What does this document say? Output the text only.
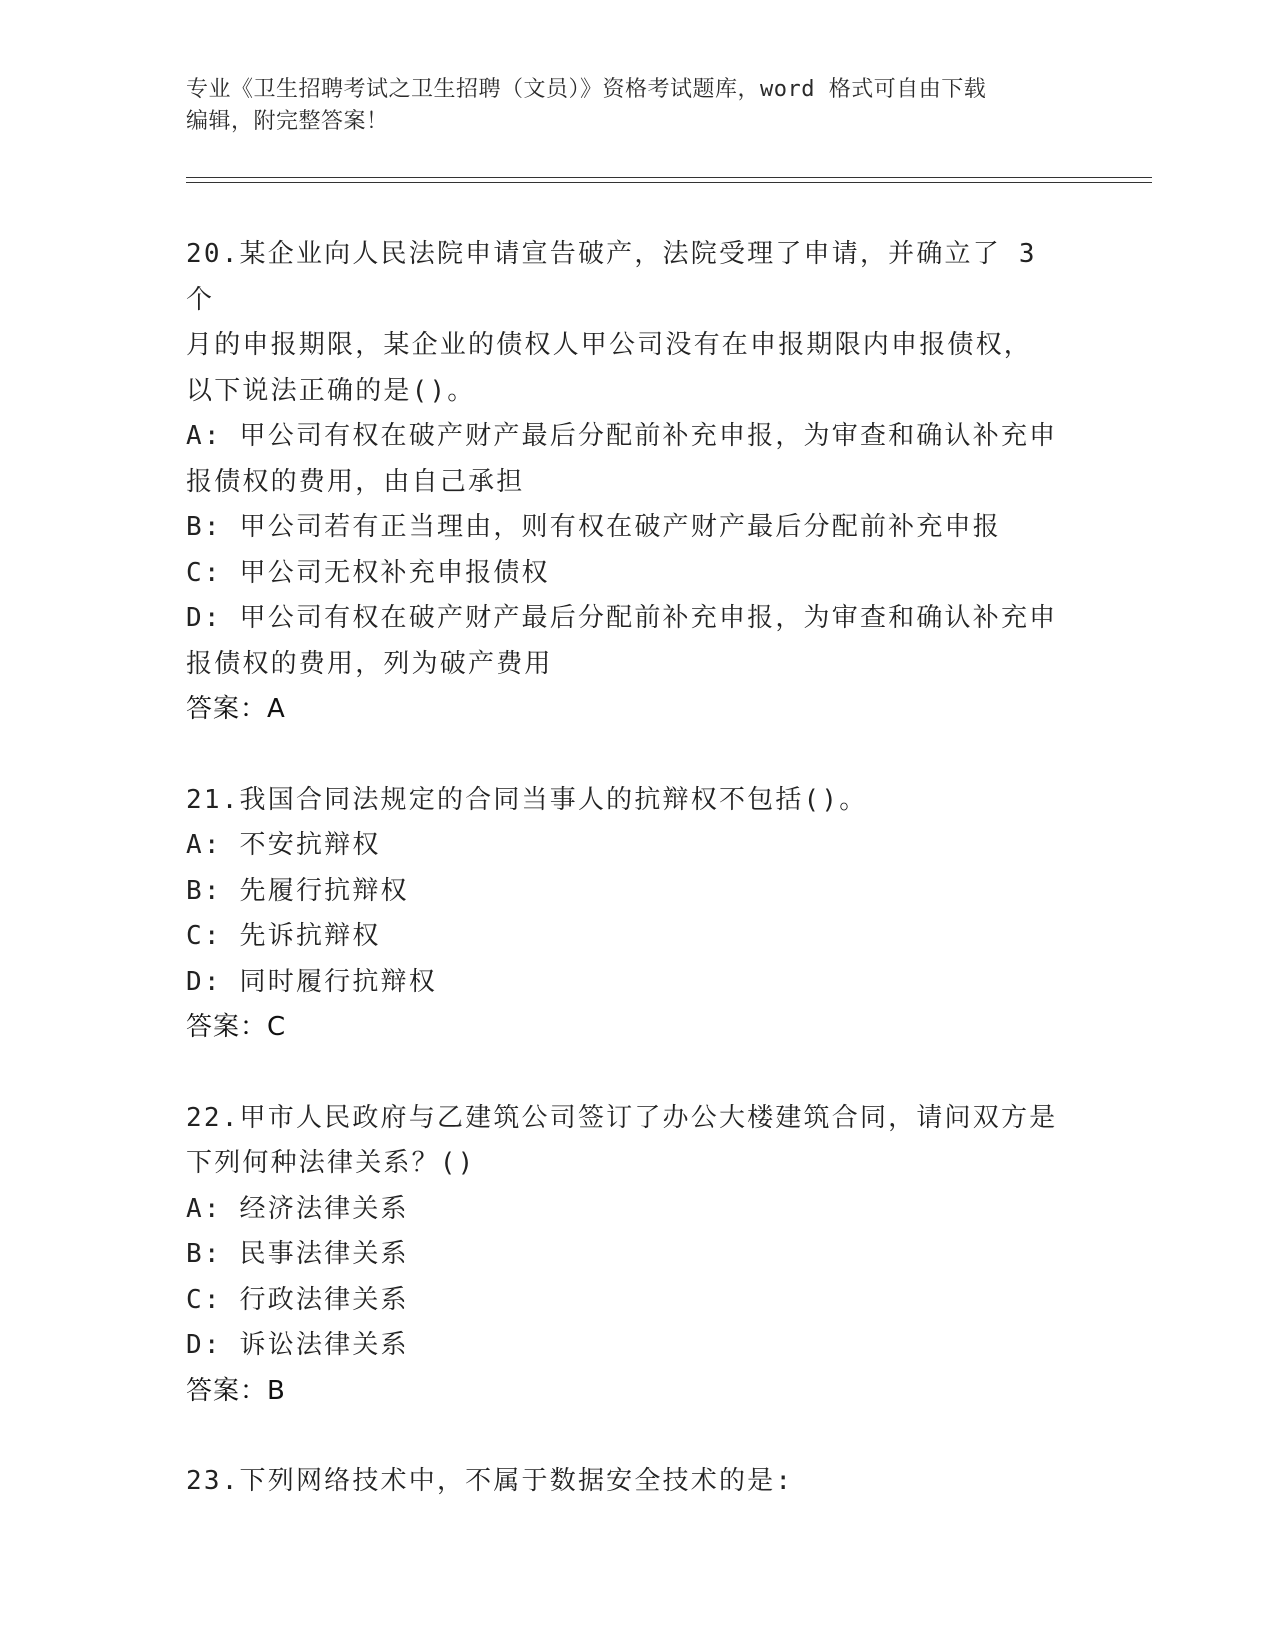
专业《卫生招聘考试之卫生招聘（文员）》资格考试题库，word 格式可自由下载
编辑，附完整答案！
20.某企业向人民法院申请宣告破产，法院受理了申请，并确立了 3 个
月的申报期限，某企业的债权人甲公司没有在申报期限内申报债权，
以下说法正确的是()。
A: 甲公司有权在破产财产最后分配前补充申报，为审查和确认补充申
报债权的费用，由自己承担
B: 甲公司若有正当理由，则有权在破产财产最后分配前补充申报
C: 甲公司无权补充申报债权
D: 甲公司有权在破产财产最后分配前补充申报，为审查和确认补充申
报债权的费用，列为破产费用
答案：A
21.我国合同法规定的合同当事人的抗辩权不包括()。
A: 不安抗辩权
B: 先履行抗辩权
C: 先诉抗辩权
D: 同时履行抗辩权
答案：C
22.甲市人民政府与乙建筑公司签订了办公大楼建筑合同，请问双方是
下列何种法律关系？()
A: 经济法律关系
B: 民事法律关系
C: 行政法律关系
D: 诉讼法律关系
答案：B
23.下列网络技术中，不属于数据安全技术的是:
